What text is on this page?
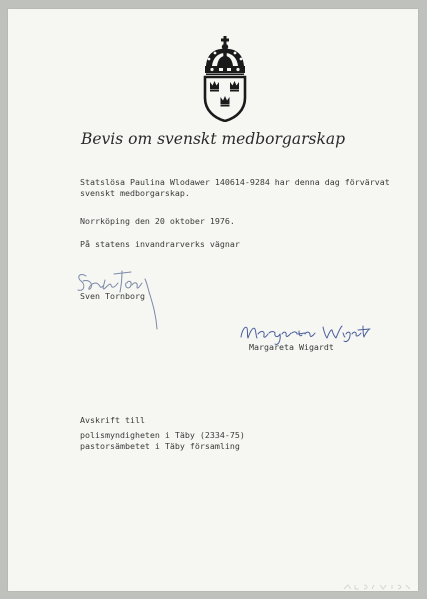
Bevis om svenskt medborgarskap
Statslösa Paulina Wlodawer 140614-9284 har denna dag förvärvat
svenskt medborgarskap.
Norrköping den 20 oktober 1976.
På statens invandrarverks vägnar
Sven Tornborg
Margareta Wigardt
Avskrift till
polismyndigheten i Täby (2334-75)
pastorsämbetet i Täby församling
